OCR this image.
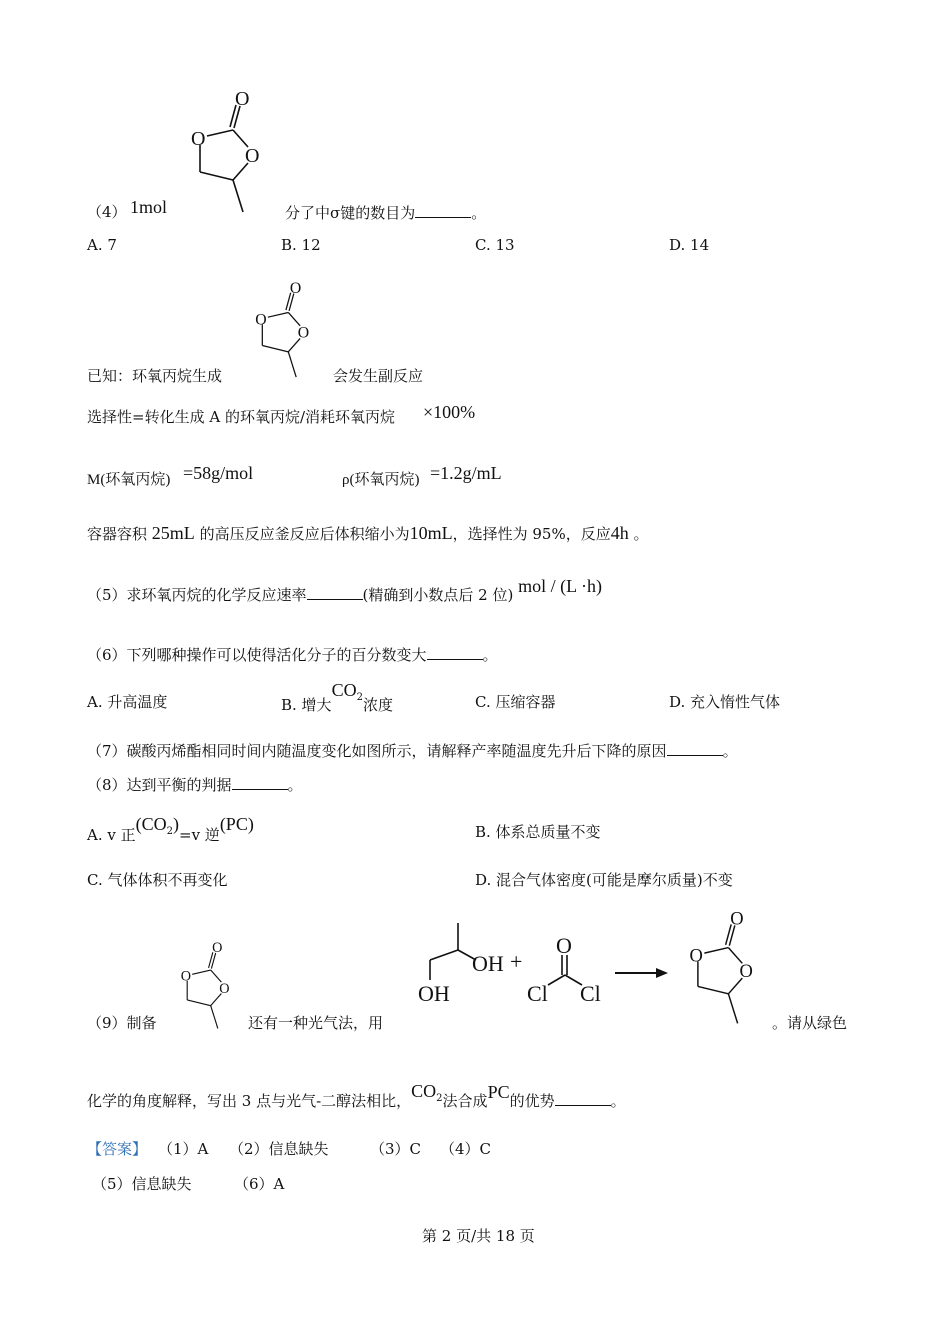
O
O
O
（4） 1mol	分了中σ键的数目为	。
A. 7	B. 12	C. 13	D. 14
O
O
O
已知：环氧丙烷生成	会发生副反应
选择性=转化生成 A 的环氧丙烷/消耗环氧丙烷 ×100%
M(环氧丙烷) =58g/mol	ρ(环氧丙烷) =1.2g/mL
容器容积 25mL 的高压反应釜反应后体积缩小为10mL，选择性为 95%，反应4h 。
（5）求环氧丙烷的化学反应速率	(精确到小数点后 2 位) mol / (L ·h)
（6）下列哪种操作可以使得活化分子的百分数变大	。
A. 升高温度	B. 增大$CO^2$浓度	C. 压缩容器	D. 充入惰性气体
（7）碳酸丙烯酯相同时间内随温度变化如图所示，请解释产率随温度先升后下降的原因	。
（8）达到平衡的判据	。
A. v 正$(CO^2)=v$ 逆(PC)	B. 体系总质量不变
C. 气体体积不再变化	D. 混合气体密度(可能是摩尔质量)不变
（9）制备
O
O
O
还有一种光气法，用
OH
OH
+
O
Cl Cl
O
O
O
。请从绿色
化学的角度解释，写出 3 点与光气-二醇法相比，$CO^2$法合成PC的优势	。
【答案】 （1）A （2）信息缺失	（3）C （4）C
（5）信息缺失	（6）A
第 2 页/共 18 页
